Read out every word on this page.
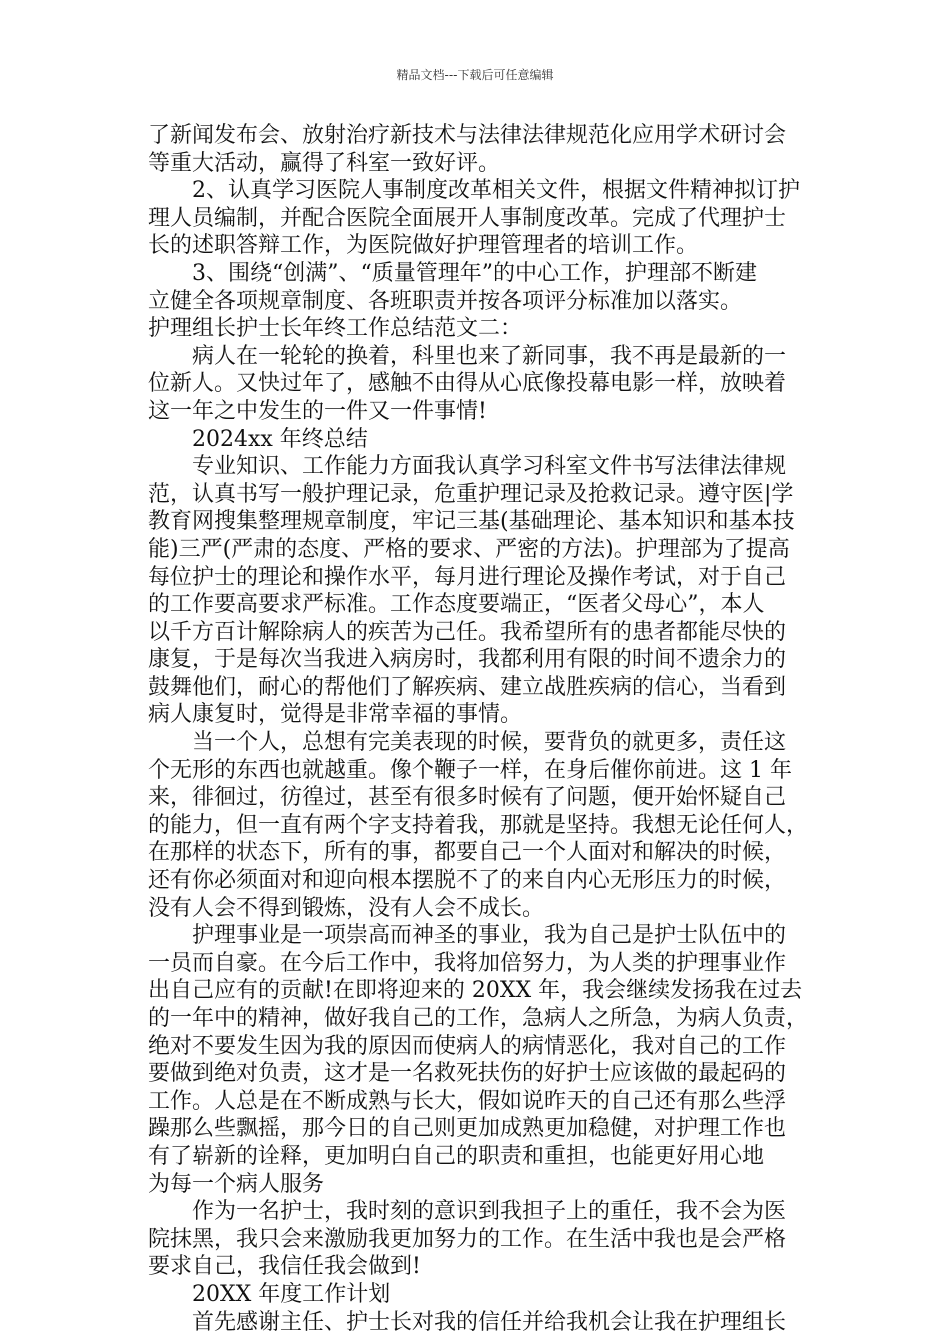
精品文档---下载后可任意编辑
了新闻发布会、放射治疗新技术与法律法律规范化应用学术研讨会
等重大活动，赢得了科室一致好评。
2、认真学习医院人事制度改革相关文件，根据文件精神拟订护
理人员编制，并配合医院全面展开人事制度改革。完成了代理护士
长的述职答辩工作，为医院做好护理管理者的培训工作。
3、围绕“创满”、“质量管理年”的中心工作，护理部不断建
立健全各项规章制度、各班职责并按各项评分标准加以落实。
护理组长护士长年终工作总结范文二：
病人在一轮轮的换着，科里也来了新同事，我不再是最新的一
位新人。又快过年了，感触不由得从心底像投幕电影一样，放映着
这一年之中发生的一件又一件事情!
2024xx 年终总结
专业知识、工作能力方面我认真学习科室文件书写法律法律规
范，认真书写一般护理记录，危重护理记录及抢救记录。遵守医|学
教育网搜集整理规章制度，牢记三基(基础理论、基本知识和基本技
能)三严(严肃的态度、严格的要求、严密的方法)。护理部为了提高
每位护士的理论和操作水平，每月进行理论及操作考试，对于自己
的工作要高要求严标准。工作态度要端正，“医者父母心”，本人
以千方百计解除病人的疾苦为己任。我希望所有的患者都能尽快的
康复，于是每次当我进入病房时，我都利用有限的时间不遗余力的
鼓舞他们，耐心的帮他们了解疾病、建立战胜疾病的信心，当看到
病人康复时，觉得是非常幸福的事情。
当一个人，总想有完美表现的时候，要背负的就更多，责任这
个无形的东西也就越重。像个鞭子一样，在身后催你前进。这 1 年
来，徘徊过，彷徨过，甚至有很多时候有了问题，便开始怀疑自己
的能力，但一直有两个字支持着我，那就是坚持。我想无论任何人，
在那样的状态下，所有的事，都要自己一个人面对和解决的时候，
还有你必须面对和迎向根本摆脱不了的来自内心无形压力的时候，
没有人会不得到锻炼，没有人会不成长。
护理事业是一项崇高而神圣的事业，我为自己是护士队伍中的
一员而自豪。在今后工作中，我将加倍努力，为人类的护理事业作
出自己应有的贡献!在即将迎来的 20XX 年，我会继续发扬我在过去
的一年中的精神，做好我自己的工作，急病人之所急，为病人负责，
绝对不要发生因为我的原因而使病人的病情恶化，我对自己的工作
要做到绝对负责，这才是一名救死扶伤的好护士应该做的最起码的
工作。人总是在不断成熟与长大，假如说昨天的自己还有那么些浮
躁那么些飘摇，那今日的自己则更加成熟更加稳健，对护理工作也
有了崭新的诠释，更加明白自己的职责和重担，也能更好用心地
为每一个病人服务
作为一名护士，我时刻的意识到我担子上的重任，我不会为医
院抹黑，我只会来激励我更加努力的工作。在生活中我也是会严格
要求自己，我信任我会做到!
20XX 年度工作计划
首先感谢主任、护士长对我的信任并给我机会让我在护理组长
